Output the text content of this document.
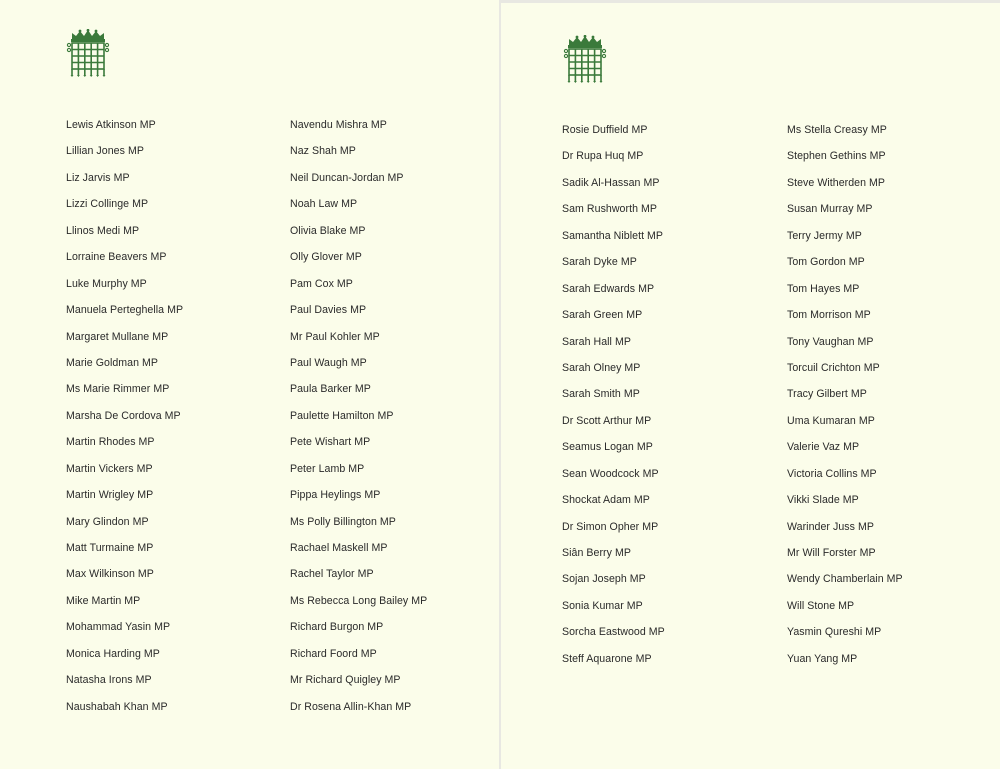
Lewis Atkinson MP
Lillian Jones MP
Liz Jarvis MP
Lizzi Collinge MP
Llinos Medi MP
Lorraine Beavers MP
Luke Murphy MP
Manuela Perteghella MP
Margaret Mullane MP
Marie Goldman MP
Ms Marie Rimmer MP
Marsha De Cordova MP
Martin Rhodes MP
Martin Vickers MP
Martin Wrigley MP
Mary Glindon MP
Matt Turmaine MP
Max Wilkinson MP
Mike Martin MP
Mohammad Yasin MP
Monica Harding MP
Natasha Irons MP
Naushabah Khan MP
Navendu Mishra MP
Naz Shah MP
Neil Duncan-Jordan MP
Noah Law MP
Olivia Blake MP
Olly Glover MP
Pam Cox MP
Paul Davies MP
Mr Paul Kohler MP
Paul Waugh MP
Paula Barker MP
Paulette Hamilton MP
Pete Wishart MP
Peter Lamb MP
Pippa Heylings MP
Ms Polly Billington MP
Rachael Maskell MP
Rachel Taylor MP
Ms Rebecca Long Bailey MP
Richard Burgon MP
Richard Foord MP
Mr Richard Quigley MP
Dr Rosena Allin-Khan MP
Rosie Duffield MP
Dr Rupa Huq MP
Sadik Al-Hassan MP
Sam Rushworth MP
Samantha Niblett MP
Sarah Dyke MP
Sarah Edwards MP
Sarah Green MP
Sarah Hall MP
Sarah Olney MP
Sarah Smith MP
Dr Scott Arthur MP
Seamus Logan MP
Sean Woodcock MP
Shockat Adam MP
Dr Simon Opher MP
Siân Berry MP
Sojan Joseph MP
Sonia Kumar MP
Sorcha Eastwood MP
Steff Aquarone MP
Ms Stella Creasy MP
Stephen Gethins MP
Steve Witherden MP
Susan Murray MP
Terry Jermy MP
Tom Gordon MP
Tom Hayes MP
Tom Morrison MP
Tony Vaughan MP
Torcuil Crichton MP
Tracy Gilbert MP
Uma Kumaran MP
Valerie Vaz MP
Victoria Collins MP
Vikki Slade MP
Warinder Juss MP
Mr Will Forster MP
Wendy Chamberlain MP
Will Stone MP
Yasmin Qureshi MP
Yuan Yang MP
